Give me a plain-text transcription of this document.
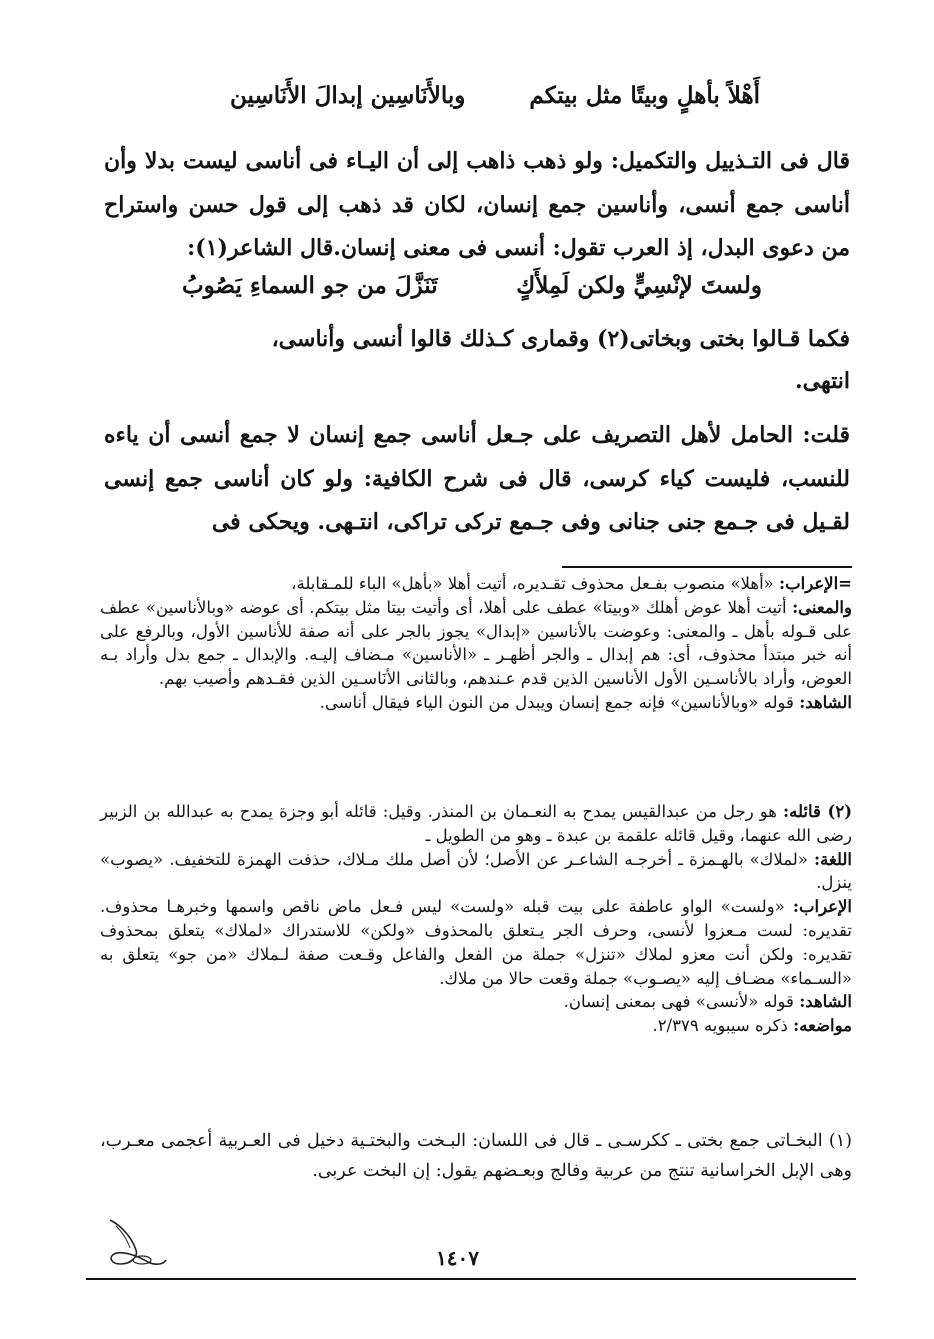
أَهْلاً بأهلٍ وبيتًا مثل بيتكم
وبالأَنَاسِين إبدالَ الأَنَاسِين
قال فى التـذييل والتكميل: ولو ذهب ذاهب إلى أن اليـاء فى أناسى ليست بدلا وأن أناسى جمع أنسى، وأناسين جمع إنسان، لكان قد ذهب إلى قول حسن واستراح من دعوى البدل، إذ العرب تقول: أنسى فى معنى إنسان.قال الشاعر(١):
ولستَ لإنْسِيٍّ ولكن لَمِلأَكٍ
تَنَزَّلَ من جو السماءِ يَصُوبُ
فكما قـالوا بختى وبخاتى(٢) وقمارى كـذلك قالوا أنسى وأناسى،
انتهى.
قلت: الحامل لأهل التصريف على جـعل أناسى جمع إنسان لا جمع أنسى أن ياءه للنسب، فليست كياء كرسى، قال فى شرح الكافية: ولو كان أناسى جمع إنسى لقـيل فى جـمع جنى جنانى وفى جـمع تركى تراكى، انتـهى. ويحكى فى

=الإعراب: «أهلا» منصوب بفـعل محذوف تقـديره، أتيت أهلا «بأهل» الباء للمـقابلة،

والمعنى: أتيت أهلا عوض أهلك «وبيتا» عطف على أهلا، أى وأتيت بيتا مثل بيتكم. أى عوضه «وبالأناسين» عطف على قـوله بأهل ـ والمعنى: وعوضت بالأناسين «إبدال» يجوز بالجر على أنه صفة للأناسين الأول، وبالرفع على أنه خبر مبتدأ محذوف، أى: هم إبدال ـ والجر أظهـر ـ «الأناسين» مـضاف إليـه. والإبدال ـ جمع بدل وأراد بـه العوض، وأراد بالأناسـين الأول الأناسين الذين قدم عـندهم، وبالثانى الأنَاسـين الذين فقـدهم وأصيب بهم.

الشاهد: قوله «وبالأناسين» فإنه جمع إنسان ويبدل من النون الياء فيقال أناسى.

(٢) قائله: هو رجل من عبدالقيس يمدح به النعـمان بن المنذر. وقيل: قائله أبو وجزة يمدح به عبدالله بن الزبير رضى الله عنهما، وقيل قائله علقمة بن عبدة ـ وهو من الطويل ـ

اللغة: «لملاك» بالهـمزة ـ أخرجـه الشاعـر عن الأصل؛ لأن أصل ملك مـلاك، حذفت الهمزة للتخفيف. «يصوب» ينزل.

الإعراب: «ولست» الواو عاطفة على بيت قبله «ولست» ليس فـعل ماض ناقص واسمها وخبرهـا محذوف. تقديره: لست مـعزوا لأنسى، وحرف الجر يـتعلق بالمحذوف «ولكن» للاستدراك «لملاك» يتعلق بمحذوف تقديره: ولكن أنت معزو لملاك «تنزل» جملة من الفعل والفاعل وقـعت صفة لـملاك «من جو» يتعلق به «السـماء» مضـاف إليه «يصـوب» جملة وقعت حالا من ملاك.

الشاهد: قوله «لأنسى» فهى بمعنى إنسان.

مواضعه: ذكره سيبويه ٢/٣٧٩.

(١) البخـاتى جمع بختى ـ ككرسـى ـ قال فى اللسان: البـخت والبختـية دخيل فى العـربية أعجمى معـرب، وهى الإبل الخراسانية تنتج من عربية وفالج وبعـضهم يقول: إن البخت عربى.
١٤٠٧
